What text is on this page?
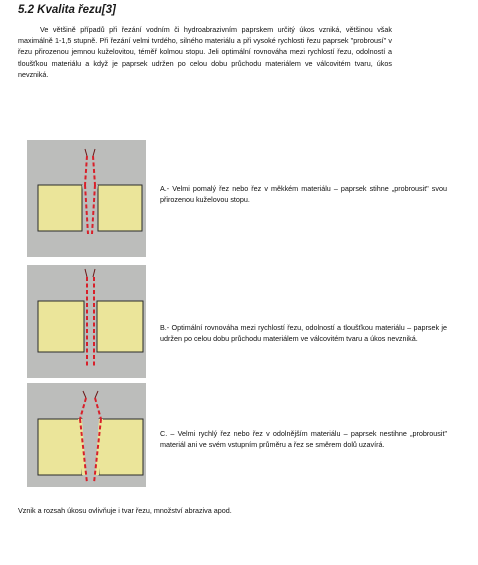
5.2 Kvalita řezu[3]

Ve většině případů při řezání vodním či hydroabrazivním paprskem určitý úkos vzniká, většinou však maximálně 1-1,5 stupně. Při řezání velmi tvrdého, silného materiálu a při vysoké rychlosti řezu paprsek "probrousí" v řezu přirozenou jemnou kuželovitou, téměř kolmou stopu. Jeli optimální rovnováha mezi rychlostí řezu, odolností a tloušťkou materiálu a když je paprsek udržen po celou dobu průchodu materiálem ve válcovitém tvaru, úkos nevzniká.

A.- Velmi pomalý řez nebo řez v měkkém materiálu – paprsek stihne „probrousit" svou přirozenou kuželovou stopu.
B.- Optimální rovnováha mezi rychlostí řezu, odolností a tloušťkou materiálu – paprsek je udržen po celou dobu průchodu materiálem ve válcovitém tvaru a úkos nevzniká.
C. – Velmi rychlý řez nebo řez v odolnějším materiálu – paprsek nestihne „probrousit" materiál ani ve svém vstupním průměru a řez se směrem dolů uzavírá.
Vznik a rozsah úkosu ovlivňuje i tvar řezu, množství abraziva apod.
